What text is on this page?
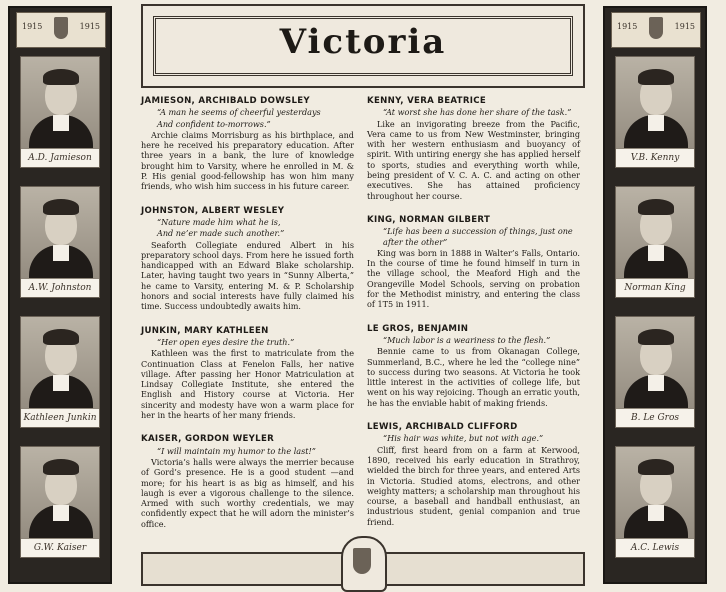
1915	1915
A.D. Jamieson
A.W. Johnston
Kathleen Junkin
G.W. Kaiser
1915	1915
V.B. Kenny
Norman King
B. Le Gros
A.C. Lewis
Victoria
JAMIESON, ARCHIBALD DOWSLEY
“A man he seems of cheerful yesterdays
And confident to-morrows.”
Archie claims Morrisburg as his birthplace, and here he received his preparatory education. After three years in a bank, the lure of knowledge brought him to Varsity, where he enrolled in M. & P. His genial good-fellowship has won him many friends, who wish him success in his future career.
JOHNSTON, ALBERT WESLEY
“Nature made him what he is,
And ne’er made such another.”
Seaforth Collegiate endured Albert in his preparatory school days. From here he issued forth handicapped with an Edward Blake scholarship. Later, having taught two years in “Sunny Alberta,” he came to Varsity, entering M. & P. Scholarship honors and social interests have fully claimed his time. Success undoubtedly awaits him.
JUNKIN, MARY KATHLEEN
“Her open eyes desire the truth.”
Kathleen was the first to matriculate from the Continuation Class at Fenelon Falls, her native village. After passing her Honor Matriculation at Lindsay Collegiate Institute, she entered the English and History course at Victoria. Her sincerity and modesty have won a warm place for her in the hearts of her many friends.
KAISER, GORDON WEYLER
“I will maintain my humor to the last!”
Victoria’s halls were always the merrier because of Gord’s presence. He is a good student —and more; for his heart is as big as himself, and his laugh is ever a vigorous challenge to the silence. Armed with such worthy credentials, we may confidently expect that he will adorn the minister’s office.
KENNY, VERA BEATRICE
“At worst she has done her share of the task.”
Like an invigorating breeze from the Pacific, Vera came to us from New Westminster, bringing with her western enthusiasm and buoyancy of spirit. With untiring energy she has applied herself to sports, studies and everything worth while, being president of V. C. A. C. and acting on other executives. She has attained proficiency throughout her course.
KING, NORMAN GILBERT
“Life has been a succession of things, just one after the other”
King was born in 1888 in Walter’s Falls, Ontario. In the course of time he found himself in turn in the village school, the Meaford High and the Orangeville Model Schools, serving on probation for the Methodist ministry, and entering the class of 1T5 in 1911.
LE GROS, BENJAMIN
“Much labor is a weariness to the flesh.”
Bennie came to us from Okanagan College, Summerland, B.C., where he led the “college nine” to success during two seasons. At Victoria he took little interest in the activities of college life, but went on his way rejoicing. Though an erratic youth, he has the enviable habit of making friends.
LEWIS, ARCHIBALD CLIFFORD
“His hair was white, but not with age.”
Cliff, first heard from on a farm at Kerwood, 1890, received his early education in Strathroy, wielded the birch for three years, and entered Arts in Victoria. Studied atoms, electrons, and other weighty matters; a scholarship man throughout his course, a baseball and handball enthusiast, an industrious student, genial companion and true friend.
